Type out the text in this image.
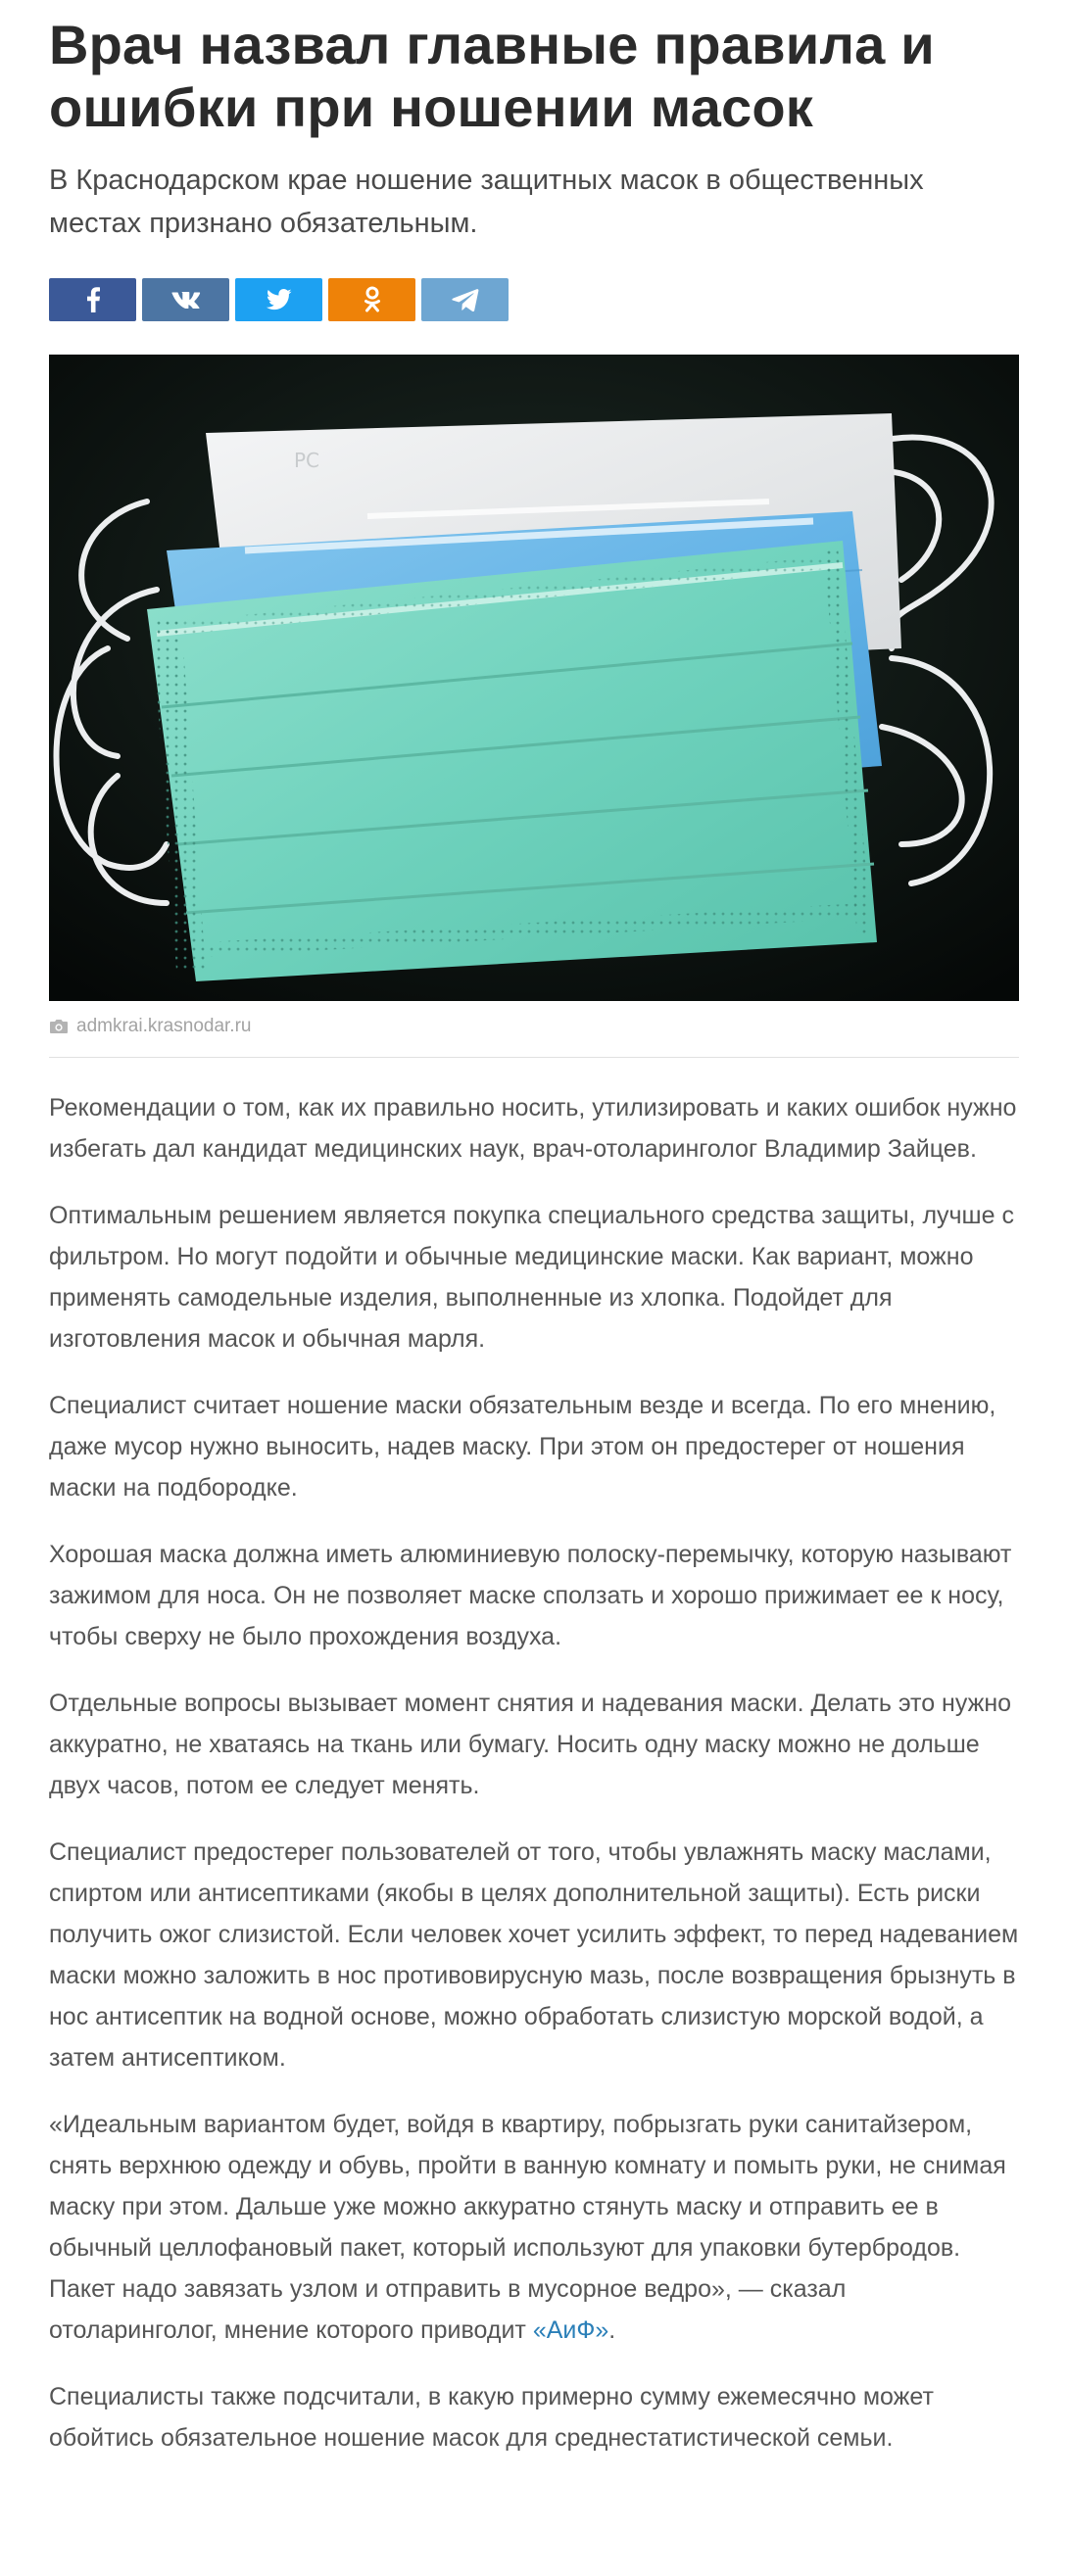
Врач назвал главные правила и ошибки при ношении масок

В Краснодарском крае ношение защитных масок в общественных местах признано обязательным.

PC
admkrai.krasnodar.ru

Рекомендации о том, как их правильно носить, утилизировать и каких ошибок нужно избегать дал кандидат медицинских наук, врач-отоларинголог Владимир Зайцев.

Оптимальным решением является покупка специального средства защиты, лучше с фильтром. Но могут подойти и обычные медицинские маски. Как вариант, можно применять самодельные изделия, выполненные из хлопка. Подойдет для изготовления масок и обычная марля.

Специалист считает ношение маски обязательным везде и всегда. По его мнению, даже мусор нужно выносить, надев маску. При этом он предостерег от ношения маски на подбородке.

Хорошая маска должна иметь алюминиевую полоску-перемычку, которую называют зажимом для носа. Он не позволяет маске сползать и хорошо прижимает ее к носу, чтобы сверху не было прохождения воздуха.

Отдельные вопросы вызывает момент снятия и надевания маски. Делать это нужно аккуратно, не хватаясь на ткань или бумагу. Носить одну маску можно не дольше двух часов, потом ее следует менять.

Специалист предостерег пользователей от того, чтобы увлажнять маску маслами, спиртом или антисептиками (якобы в целях дополнительной защиты). Есть риски получить ожог слизистой. Если человек хочет усилить эффект, то перед надеванием маски можно заложить в нос противовирусную мазь, после возвращения брызнуть в нос антисептик на водной основе, можно обработать слизистую морской водой, а затем антисептиком.

«Идеальным вариантом будет, войдя в квартиру, побрызгать руки санитайзером, снять верхнюю одежду и обувь, пройти в ванную комнату и помыть руки, не снимая маску при этом. Дальше уже можно аккуратно стянуть маску и отправить ее в обычный целлофановый пакет, который используют для упаковки бутербродов. Пакет надо завязать узлом и отправить в мусорное ведро», — сказал отоларинголог, мнение которого приводит «АиФ».

Специалисты также подсчитали, в какую примерно сумму ежемесячно может обойтись обязательное ношение масок для среднестатистической семьи.
